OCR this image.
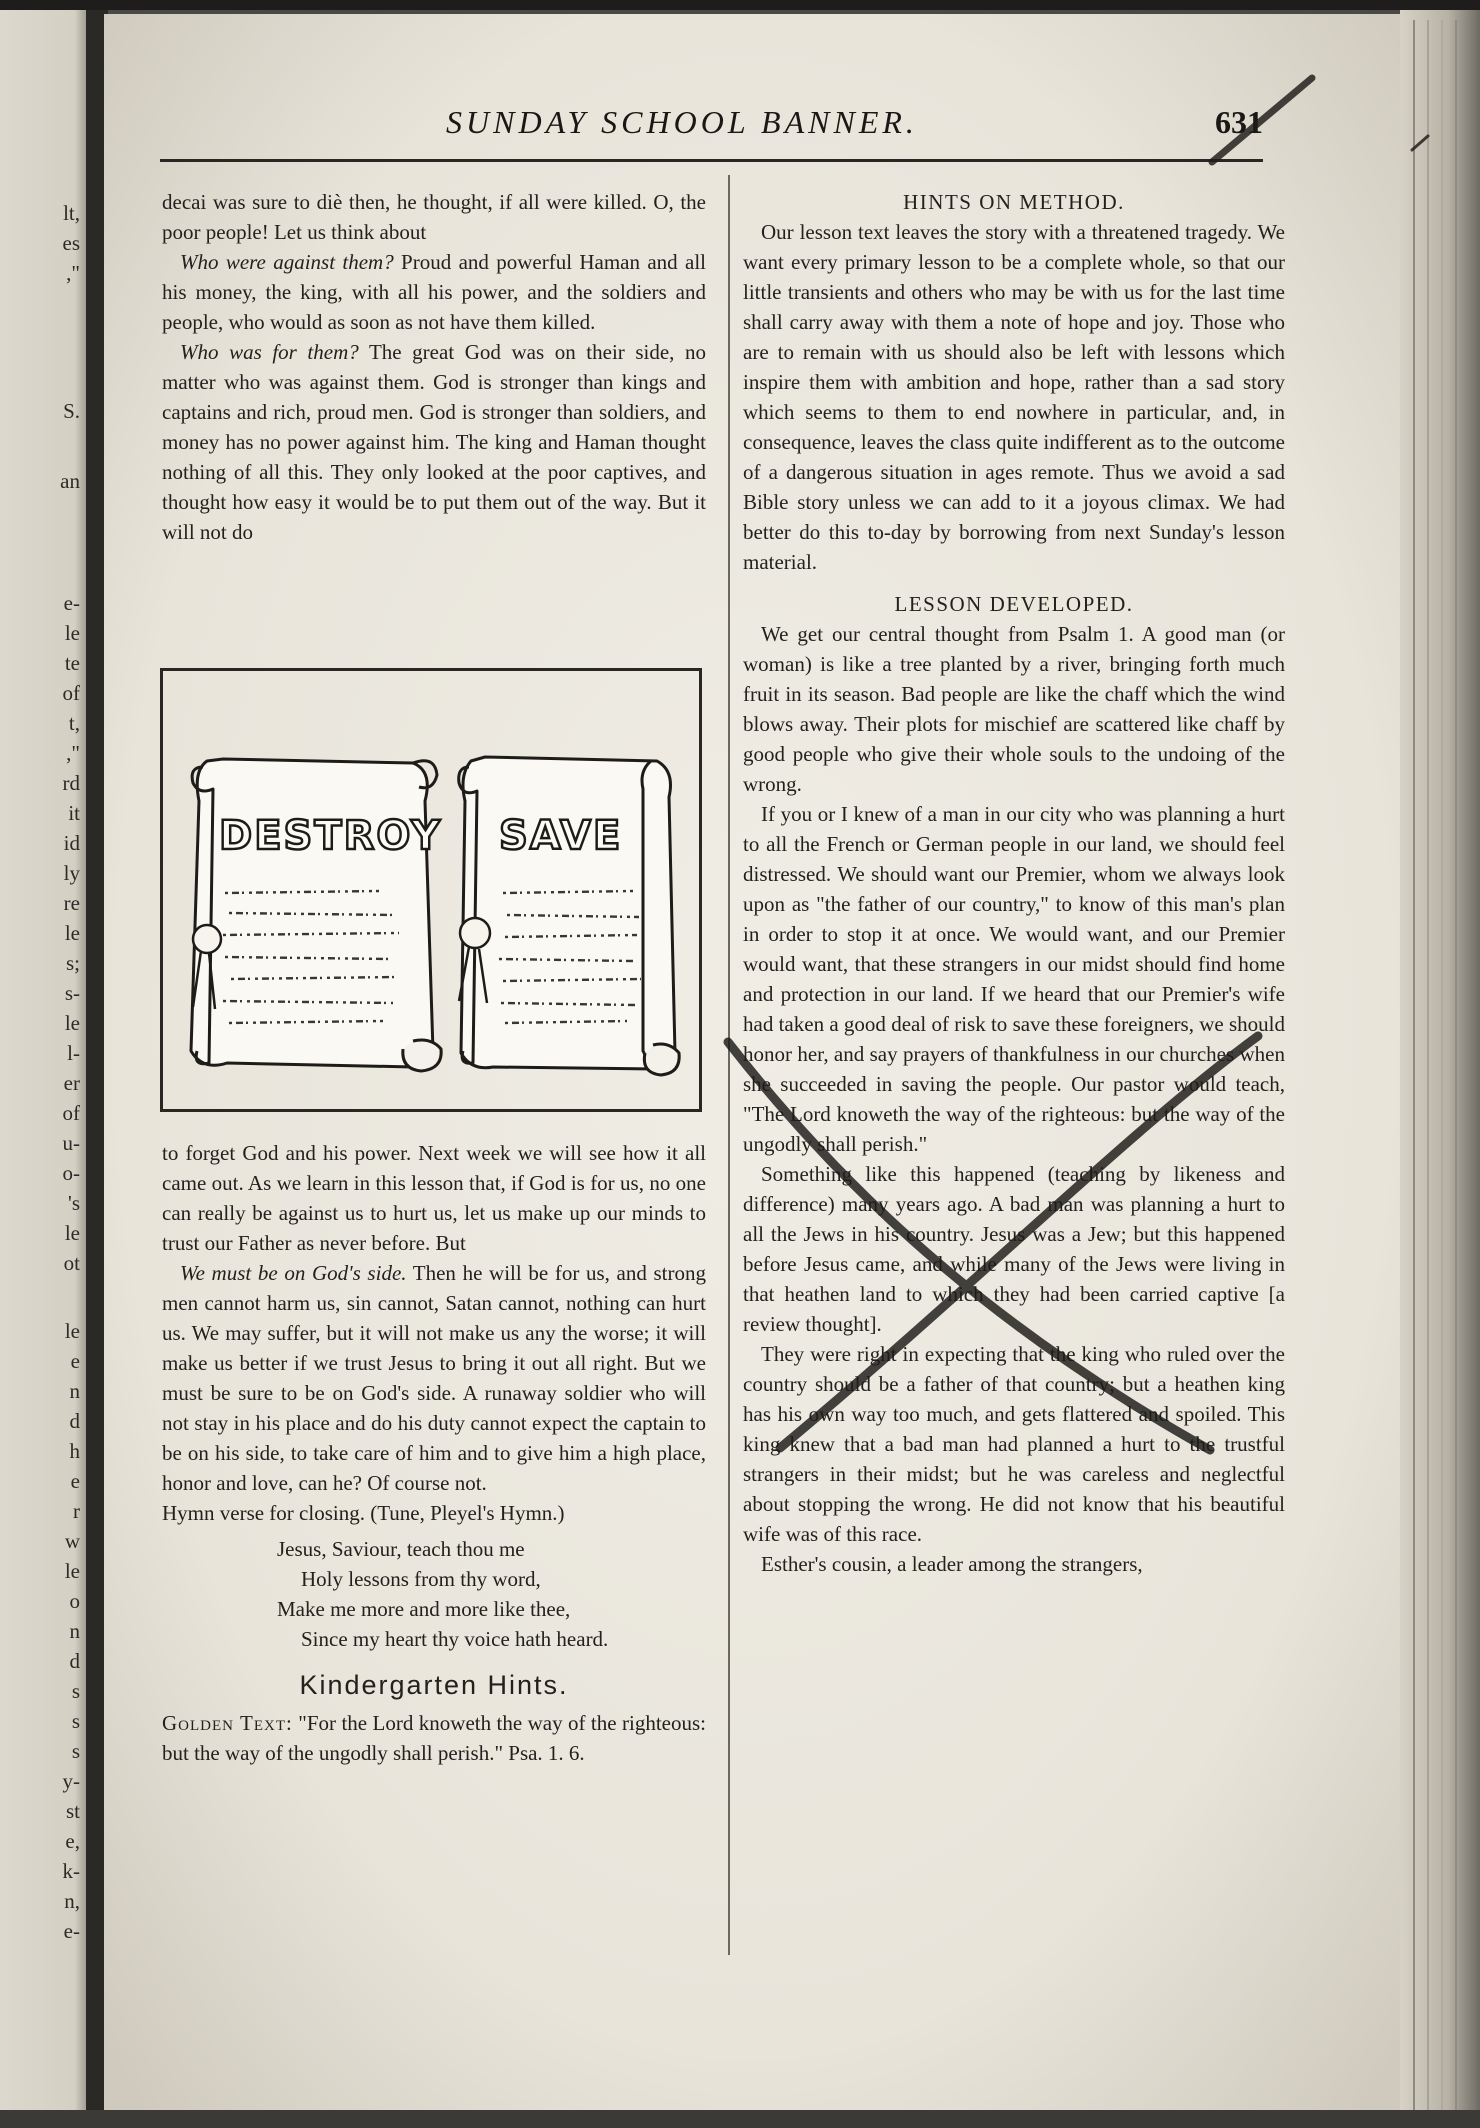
lt,
es
,"
S.
an
e-
le
te
of
t,
,"
rd
it
id
ly
re
le
s;
s-
le
l-
er
of
u-
o-
's
le
ot
le
e
n
d
h
e
r
w
le
o
n
d
s
s
s
y-
st
e,
k-
n,
e-
SUNDAY SCHOOL BANNER.	631

decai was sure to diè then, he thought, if all were killed. O, the poor people! Let us think about

Who were against them? Proud and powerful Haman and all his money, the king, with all his power, and the soldiers and people, who would as soon as not have them killed.

Who was for them? The great God was on their side, no matter who was against them. God is stronger than kings and captains and rich, proud men. God is stronger than soldiers, and money has no power against him. The king and Haman thought nothing of all this. They only looked at the poor captives, and thought how easy it would be to put them out of the way. But it will not do

DESTROY SAVE

to forget God and his power. Next week we will see how it all came out. As we learn in this lesson that, if God is for us, no one can really be against us to hurt us, let us make up our minds to trust our Father as never before. But

We must be on God's side. Then he will be for us, and strong men cannot harm us, sin cannot, Satan cannot, nothing can hurt us. We may suffer, but it will not make us any the worse; it will make us better if we trust Jesus to bring it out all right. But we must be sure to be on God's side. A runaway soldier who will not stay in his place and do his duty cannot expect the captain to be on his side, to take care of him and to give him a high place, honor and love, can he? Of course not.

Hymn verse for closing. (Tune, Pleyel's Hymn.)

Jesus, Saviour, teach thou me
Holy lessons from thy word,
Make me more and more like thee,
Since my heart thy voice hath heard.
Kindergarten Hints.

Golden Text: "For the Lord knoweth the way of the righteous: but the way of the ungodly shall perish." Psa. 1. 6.

HINTS ON METHOD.

Our lesson text leaves the story with a threatened tragedy. We want every primary lesson to be a complete whole, so that our little transients and others who may be with us for the last time shall carry away with them a note of hope and joy. Those who are to remain with us should also be left with lessons which inspire them with ambition and hope, rather than a sad story which seems to them to end nowhere in particular, and, in consequence, leaves the class quite indifferent as to the outcome of a dangerous situation in ages remote. Thus we avoid a sad Bible story unless we can add to it a joyous climax. We had better do this to-day by borrowing from next Sunday's lesson material.

LESSON DEVELOPED.

We get our central thought from Psalm 1. A good man (or woman) is like a tree planted by a river, bringing forth much fruit in its season. Bad people are like the chaff which the wind blows away. Their plots for mischief are scattered like chaff by good people who give their whole souls to the undoing of the wrong.

If you or I knew of a man in our city who was planning a hurt to all the French or German people in our land, we should feel distressed. We should want our Premier, whom we always look upon as "the father of our country," to know of this man's plan in order to stop it at once. We would want, and our Premier would want, that these strangers in our midst should find home and protection in our land. If we heard that our Premier's wife had taken a good deal of risk to save these foreigners, we should honor her, and say prayers of thankfulness in our churches when she succeeded in saving the people. Our pastor would teach, "The Lord knoweth the way of the righteous: but the way of the ungodly shall perish."

Something like this happened (teaching by likeness and difference) many years ago. A bad man was planning a hurt to all the Jews in his country. Jesus was a Jew; but this happened before Jesus came, and while many of the Jews were living in that heathen land to which they had been carried captive [a review thought].

They were right in expecting that the king who ruled over the country should be a father of that country; but a heathen king has his own way too much, and gets flattered and spoiled. This king knew that a bad man had planned a hurt to the trustful strangers in their midst; but he was careless and neglectful about stopping the wrong. He did not know that his beautiful wife was of this race.

Esther's cousin, a leader among the strangers,
